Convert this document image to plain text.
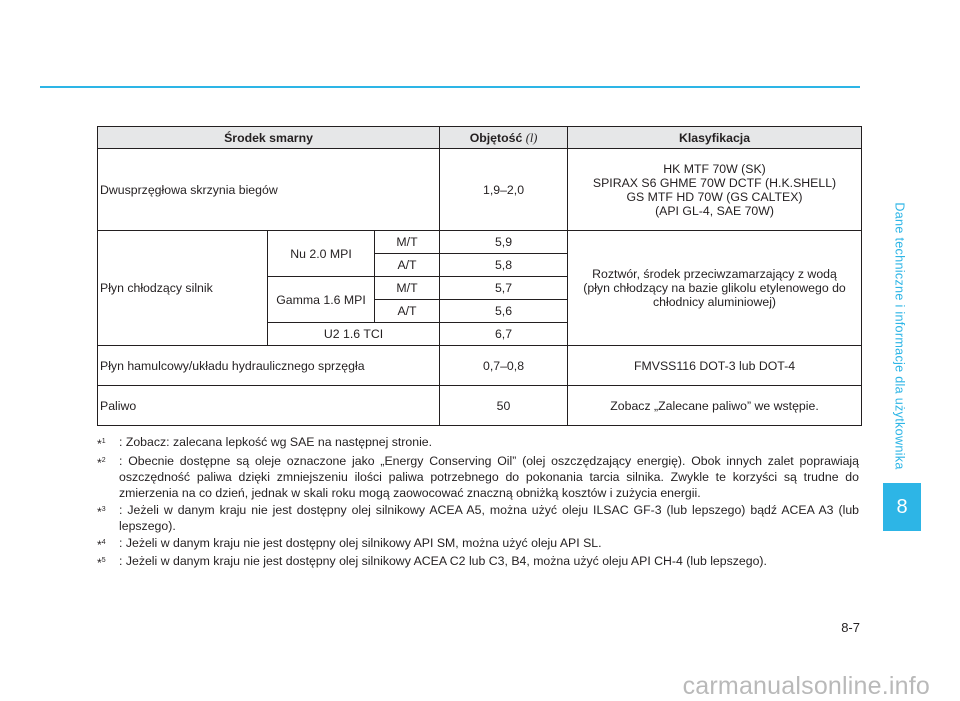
Dane techniczne i informacje dla użytkownika
8
Środek smarny			Objętość (l)	Klasyfikacja
Dwusprzęgłowa skrzynia biegów			1,9–2,0	HK MTF 70W (SK)
SPIRAX S6 GHME 70W DCTF (H.K.SHELL)
GS MTF HD 70W (GS CALTEX)
(API GL-4, SAE 70W)

Płyn chłodzący silnik	Nu 2.0 MPI	M/T	5,9	Roztwór, środek przeciwzamarzający z wodą
(płyn chłodzący na bazie glikolu etylenowego do
chłodnicy aluminiowej)

		A/T	5,8	
	Gamma 1.6 MPI	M/T	5,7	
		A/T	5,6	
	U2 1.6 TCI		6,7	
Płyn hamulcowy/układu hydraulicznego sprzęgła			0,7–0,8	FMVSS116 DOT-3 lub DOT-4
Paliwo			50	Zobacz „Zalecane paliwo” we wstępie.
*$^1$	: Zobacz: zalecana lepkość wg SAE na następnej stronie.
*$^2$	: Obecnie dostępne są oleje oznaczone jako „Energy Conserving Oil” (olej oszczędzający energię). Obok innych zalet poprawiają oszczędność paliwa dzięki zmniejszeniu ilości paliwa potrzebnego do pokonania tarcia silnika. Zwykle te korzyści są trudne do zmierzenia na co dzień, jednak w skali roku mogą zaowocować znaczną obniżką kosztów i zużycia energii.
*$^3$	: Jeżeli w danym kraju nie jest dostępny olej silnikowy ACEA A5, można użyć oleju ILSAC GF-3 (lub lepszego) bądź ACEA A3 (lub lepszego).
*$^4$	: Jeżeli w danym kraju nie jest dostępny olej silnikowy API SM, można użyć oleju API SL.
*$^5$	: Jeżeli w danym kraju nie jest dostępny olej silnikowy ACEA C2 lub C3, B4, można użyć oleju API CH-4 (lub lepszego).
8-7
carmanualsonline.info
